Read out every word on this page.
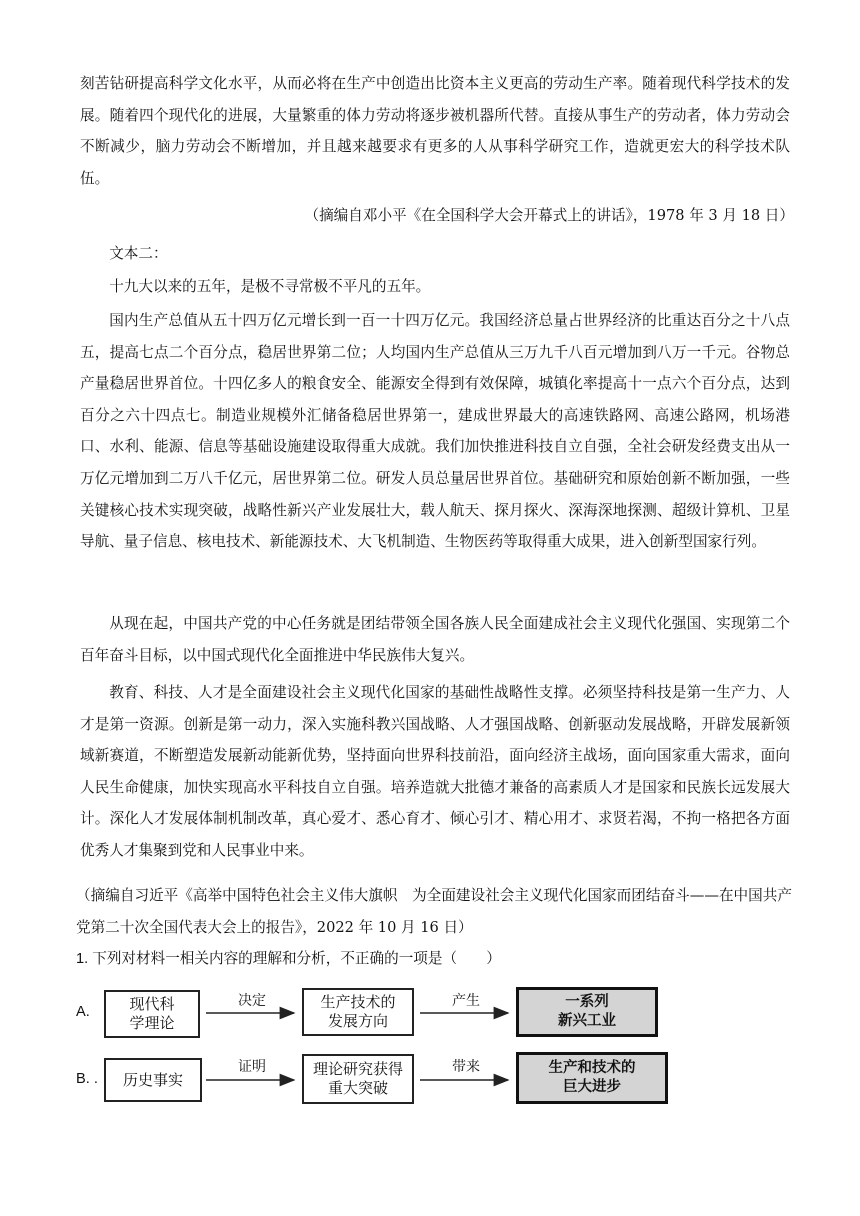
刻苦钻研提高科学文化水平，从而必将在生产中创造出比资本主义更高的劳动生产率。随着现代科学技术的发展。随着四个现代化的进展，大量繁重的体力劳动将逐步被机器所代替。直接从事生产的劳动者，体力劳动会不断减少，脑力劳动会不断增加，并且越来越要求有更多的人从事科学研究工作，造就更宏大的科学技术队伍。

（摘编自邓小平《在全国科学大会开幕式上的讲话》，1978 年 3 月 18 日）

文本二：

十九大以来的五年，是极不寻常极不平凡的五年。

国内生产总值从五十四万亿元增长到一百一十四万亿元。我国经济总量占世界经济的比重达百分之十八点五，提高七点二个百分点，稳居世界第二位；人均国内生产总值从三万九千八百元增加到八万一千元。谷物总产量稳居世界首位。十四亿多人的粮食安全、能源安全得到有效保障，城镇化率提高十一点六个百分点，达到百分之六十四点七。制造业规模外汇储备稳居世界第一，建成世界最大的高速铁路网、高速公路网，机场港口、水利、能源、信息等基础设施建设取得重大成就。我们加快推进科技自立自强，全社会研发经费支出从一万亿元增加到二万八千亿元，居世界第二位。研发人员总量居世界首位。基础研究和原始创新不断加强，一些关键核心技术实现突破，战略性新兴产业发展壮大，载人航天、探月探火、深海深地探测、超级计算机、卫星导航、量子信息、核电技术、新能源技术、大飞机制造、生物医药等取得重大成果，进入创新型国家行列。

从现在起，中国共产党的中心任务就是团结带领全国各族人民全面建成社会主义现代化强国、实现第二个百年奋斗目标，以中国式现代化全面推进中华民族伟大复兴。

教育、科技、人才是全面建设社会主义现代化国家的基础性战略性支撑。必须坚持科技是第一生产力、人才是第一资源。创新是第一动力，深入实施科教兴国战略、人才强国战略、创新驱动发展战略，开辟发展新领域新赛道，不断塑造发展新动能新优势，坚持面向世界科技前沿，面向经济主战场，面向国家重大需求，面向人民生命健康，加快实现高水平科技自立自强。培养造就大批德才兼备的高素质人才是国家和民族长远发展大计。深化人才发展体制机制改革，真心爱才、悉心育才、倾心引才、精心用才、求贤若渴，不拘一格把各方面优秀人才集聚到党和人民事业中来。

（摘编自习近平《高举中国特色社会主义伟大旗帜　为全面建设社会主义现代化国家而团结奋斗——在中国共产党第二十次全国代表大会上的报告》，2022 年 10 月 16 日）

1. 下列对材料一相关内容的理解和分析，不正确的一项是（　　）
A.	现代科
学理论
决定	生产技术的
发展方向
产生	一系列
新兴工业
B. .	历史事实
证明	理论研究获得
重大突破
带来	生产和技术的
巨大进步
